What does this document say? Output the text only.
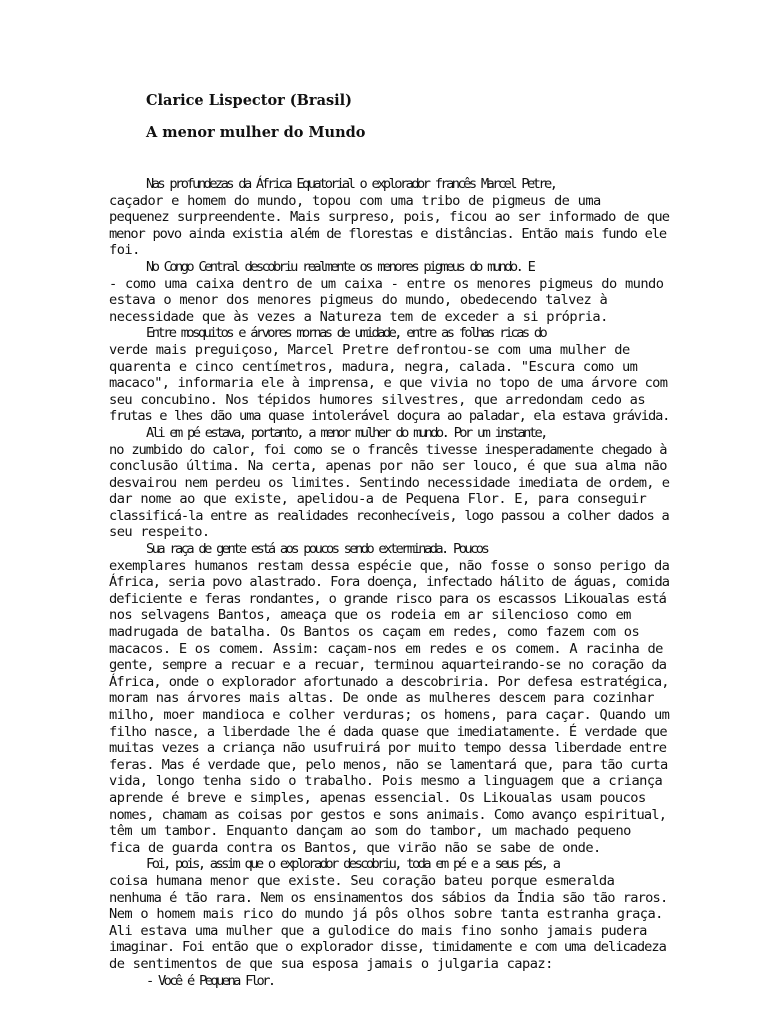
Clarice Lispector (Brasil)
A menor mulher do Mundo
Nas profundezas da África Equatorial o explorador francês Marcel Petre,
caçador e homem do mundo, topou com uma tribo de pigmeus de uma
pequenez surpreendente. Mais surpreso, pois, ficou ao ser informado de que
menor povo ainda existia além de florestas e distâncias. Então mais fundo ele
foi.
No Congo Central descobriu realmente os menores pigmeus do mundo. E
- como uma caixa dentro de um caixa - entre os menores pigmeus do mundo
estava o menor dos menores pigmeus do mundo, obedecendo talvez à
necessidade que às vezes a Natureza tem de exceder a si própria.
Entre mosquitos e árvores mornas de umidade, entre as folhas ricas do
verde mais preguiçoso, Marcel Pretre defrontou-se com uma mulher de
quarenta e cinco centímetros, madura, negra, calada. "Escura como um
macaco", informaria ele à imprensa, e que vivia no topo de uma árvore com
seu concubino. Nos tépidos humores silvestres, que arredondam cedo as
frutas e lhes dão uma quase intolerável doçura ao paladar, ela estava grávida.
Ali em pé estava, portanto, a menor mulher do mundo. Por um instante,
no zumbido do calor, foi como se o francês tivesse inesperadamente chegado à
conclusão última. Na certa, apenas por não ser louco, é que sua alma não
desvairou nem perdeu os limites. Sentindo necessidade imediata de ordem, e
dar nome ao que existe, apelidou-a de Pequena Flor. E, para conseguir
classificá-la entre as realidades reconhecíveis, logo passou a colher dados a
seu respeito.
Sua raça de gente está aos poucos sendo exterminada. Poucos
exemplares humanos restam dessa espécie que, não fosse o sonso perigo da
África, seria povo alastrado. Fora doença, infectado hálito de águas, comida
deficiente e feras rondantes, o grande risco para os escassos Likoualas está
nos selvagens Bantos, ameaça que os rodeia em ar silencioso como em
madrugada de batalha. Os Bantos os caçam em redes, como fazem com os
macacos. E os comem. Assim: caçam-nos em redes e os comem. A racinha de
gente, sempre a recuar e a recuar, terminou aquarteirando-se no coração da
África, onde o explorador afortunado a descobriria. Por defesa estratégica,
moram nas árvores mais altas. De onde as mulheres descem para cozinhar
milho, moer mandioca e colher verduras; os homens, para caçar. Quando um
filho nasce, a liberdade lhe é dada quase que imediatamente. É verdade que
muitas vezes a criança não usufruirá por muito tempo dessa liberdade entre
feras. Mas é verdade que, pelo menos, não se lamentará que, para tão curta
vida, longo tenha sido o trabalho. Pois mesmo a linguagem que a criança
aprende é breve e simples, apenas essencial. Os Likoualas usam poucos
nomes, chamam as coisas por gestos e sons animais. Como avanço espiritual,
têm um tambor. Enquanto dançam ao som do tambor, um machado pequeno
fica de guarda contra os Bantos, que virão não se sabe de onde.
Foi, pois, assim que o explorador descobriu, toda em pé e a seus pés, a
coisa humana menor que existe. Seu coração bateu porque esmeralda
nenhuma é tão rara. Nem os ensinamentos dos sábios da Índia são tão raros.
Nem o homem mais rico do mundo já pôs olhos sobre tanta estranha graça.
Ali estava uma mulher que a gulodice do mais fino sonho jamais pudera
imaginar. Foi então que o explorador disse, timidamente e com uma delicadeza
de sentimentos de que sua esposa jamais o julgaria capaz:
- Você é Pequena Flor.
